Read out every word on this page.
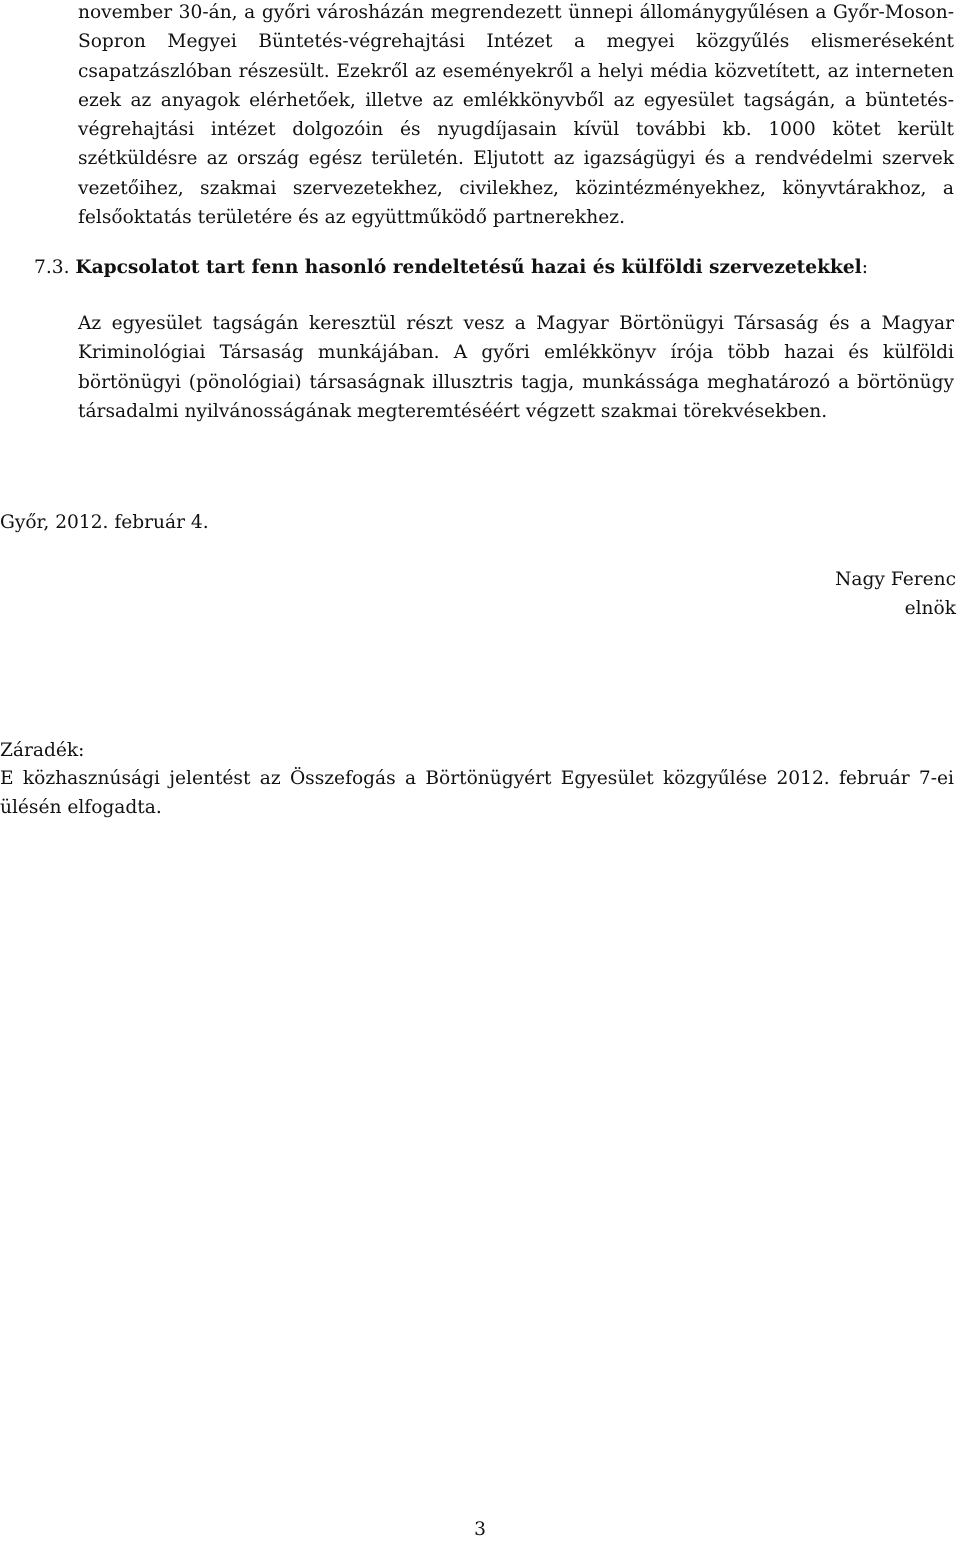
november 30-án, a győri városházán megrendezett ünnepi állománygyűlésen a Győr-Moson-Sopron Megyei Büntetés-végrehajtási Intézet a megyei közgyűlés elismeréseként csapatzászlóban részesült. Ezekről az eseményekről a helyi média közvetített, az interneten ezek az anyagok elérhetőek, illetve az emlékkönyvből az egyesület tagságán, a büntetés-végrehajtási intézet dolgozóin és nyugdíjasain kívül további kb. 1000 kötet került szétküldésre az ország egész területén. Eljutott az igazságügyi és a rendvédelmi szervek vezetőihez, szakmai szervezetekhez, civilekhez, közintézményekhez, könyvtárakhoz, a felsőoktatás területére és az együttműködő partnerekhez.

7.3. Kapcsolatot tart fenn hasonló rendeltetésű hazai és külföldi szervezetekkel:

Az egyesület tagságán keresztül részt vesz a Magyar Börtönügyi Társaság és a Magyar Kriminológiai Társaság munkájában. A győri emlékkönyv írója több hazai és külföldi börtönügyi (pönológiai) társaságnak illusztris tagja, munkássága meghatározó a börtönügy társadalmi nyilvánosságának megteremtéséért végzett szakmai törekvésekben.

Győr, 2012. február 4.

Nagy Ferenc

elnök

Záradék:

E közhasznúsági jelentést az Összefogás a Börtönügyért Egyesület közgyűlése 2012. február 7-ei ülésén elfogadta.

3
